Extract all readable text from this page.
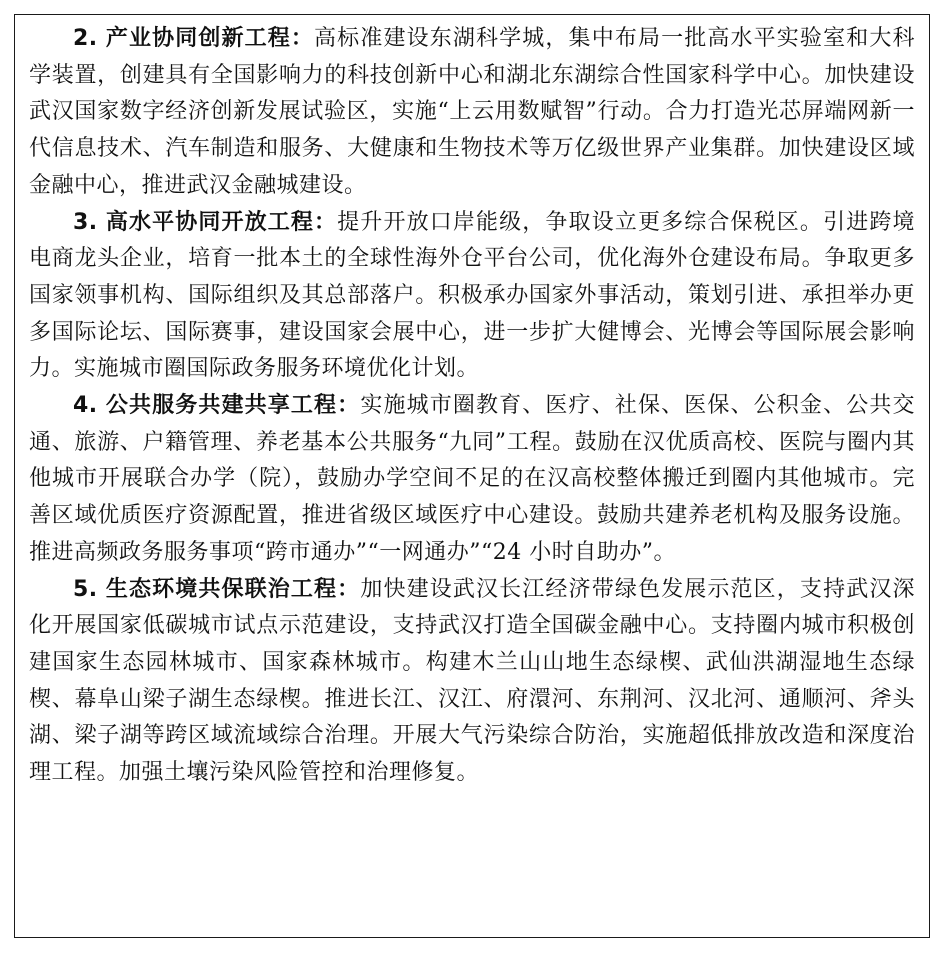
2. 产业协同创新工程：高标准建设东湖科学城，集中布局一批高水平实验室和大科学装置，创建具有全国影响力的科技创新中心和湖北东湖综合性国家科学中心。加快建设武汉国家数字经济创新发展试验区，实施“上云用数赋智”行动。合力打造光芯屏端网新一代信息技术、汽车制造和服务、大健康和生物技术等万亿级世界产业集群。加快建设区域金融中心，推进武汉金融城建设。

3. 高水平协同开放工程：提升开放口岸能级，争取设立更多综合保税区。引进跨境电商龙头企业，培育一批本土的全球性海外仓平台公司，优化海外仓建设布局。争取更多国家领事机构、国际组织及其总部落户。积极承办国家外事活动，策划引进、承担举办更多国际论坛、国际赛事，建设国家会展中心，进一步扩大健博会、光博会等国际展会影响力。实施城市圈国际政务服务环境优化计划。

4. 公共服务共建共享工程：实施城市圈教育、医疗、社保、医保、公积金、公共交通、旅游、户籍管理、养老基本公共服务“九同”工程。鼓励在汉优质高校、医院与圈内其他城市开展联合办学（院），鼓励办学空间不足的在汉高校整体搬迁到圈内其他城市。完善区域优质医疗资源配置，推进省级区域医疗中心建设。鼓励共建养老机构及服务设施。推进高频政务服务事项“跨市通办”“一网通办”“24 小时自助办”。

5. 生态环境共保联治工程：加快建设武汉长江经济带绿色发展示范区，支持武汉深化开展国家低碳城市试点示范建设，支持武汉打造全国碳金融中心。支持圈内城市积极创建国家生态园林城市、国家森林城市。构建木兰山山地生态绿楔、武仙洪湖湿地生态绿楔、幕阜山梁子湖生态绿楔。推进长江、汉江、府澴河、东荆河、汉北河、通顺河、斧头湖、梁子湖等跨区域流域综合治理。开展大气污染综合防治，实施超低排放改造和深度治理工程。加强土壤污染风险管控和治理修复。
